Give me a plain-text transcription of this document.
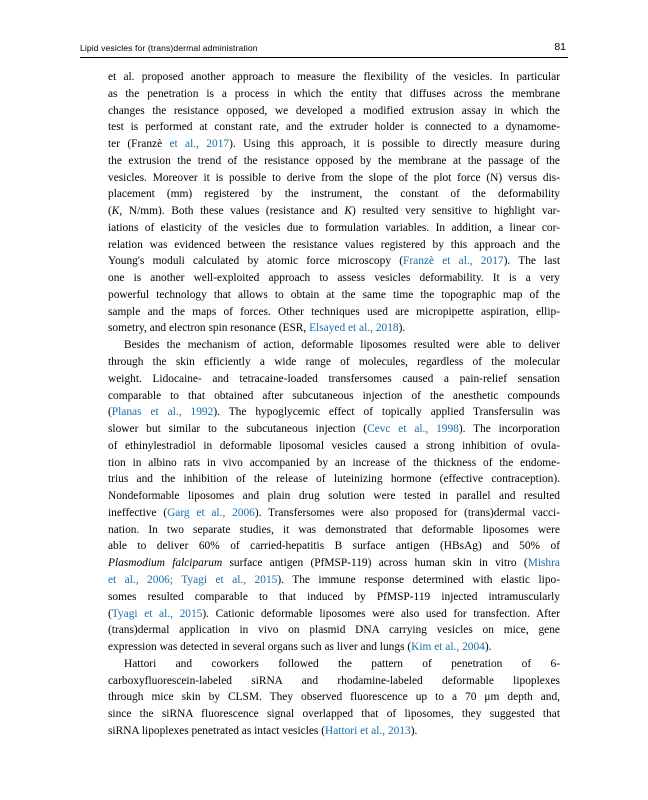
Lipid vesicles for (trans)dermal administration	81
et al. proposed another approach to measure the flexibility of the vesicles. In particular
as the penetration is a process in which the entity that diffuses across the membrane
changes the resistance opposed, we developed a modified extrusion assay in which the
test is performed at constant rate, and the extruder holder is connected to a dynamome-
ter (Franzè et al., 2017). Using this approach, it is possible to directly measure during
the extrusion the trend of the resistance opposed by the membrane at the passage of the
vesicles. Moreover it is possible to derive from the slope of the plot force (N) versus dis-
placement (mm) registered by the instrument, the constant of the deformability
(K, N/mm). Both these values (resistance and K) resulted very sensitive to highlight var-
iations of elasticity of the vesicles due to formulation variables. In addition, a linear cor-
relation was evidenced between the resistance values registered by this approach and the
Young's moduli calculated by atomic force microscopy (Franzè et al., 2017). The last
one is another well-exploited approach to assess vesicles deformability. It is a very
powerful technology that allows to obtain at the same time the topographic map of the
sample and the maps of forces. Other techniques used are micropipette aspiration, ellip-
sometry, and electron spin resonance (ESR, Elsayed et al., 2018).
Besides the mechanism of action, deformable liposomes resulted were able to deliver
through the skin efficiently a wide range of molecules, regardless of the molecular
weight. Lidocaine- and tetracaine-loaded transfersomes caused a pain-relief sensation
comparable to that obtained after subcutaneous injection of the anesthetic compounds
(Planas et al., 1992). The hypoglycemic effect of topically applied Transfersulin was
slower but similar to the subcutaneous injection (Cevc et al., 1998). The incorporation
of ethinylestradiol in deformable liposomal vesicles caused a strong inhibition of ovula-
tion in albino rats in vivo accompanied by an increase of the thickness of the endome-
trius and the inhibition of the release of luteinizing hormone (effective contraception).
Nondeformable liposomes and plain drug solution were tested in parallel and resulted
ineffective (Garg et al., 2006). Transfersomes were also proposed for (trans)dermal vacci-
nation. In two separate studies, it was demonstrated that deformable liposomes were
able to deliver 60% of carried-hepatitis B surface antigen (HBsAg) and 50% of
Plasmodium falciparum surface antigen (PfMSP-119) across human skin in vitro (Mishra
et al., 2006; Tyagi et al., 2015). The immune response determined with elastic lipo-
somes resulted comparable to that induced by PfMSP-119 injected intramuscularly
(Tyagi et al., 2015). Cationic deformable liposomes were also used for transfection. After
(trans)dermal application in vivo on plasmid DNA carrying vesicles on mice, gene
expression was detected in several organs such as liver and lungs (Kim et al., 2004).
Hattori and coworkers followed the pattern of penetration of 6-
carboxyfluorescein-labeled siRNA and rhodamine-labeled deformable lipoplexes
through mice skin by CLSM. They observed fluorescence up to a 70 μm depth and,
since the siRNA fluorescence signal overlapped that of liposomes, they suggested that
siRNA lipoplexes penetrated as intact vesicles (Hattori et al., 2013).
